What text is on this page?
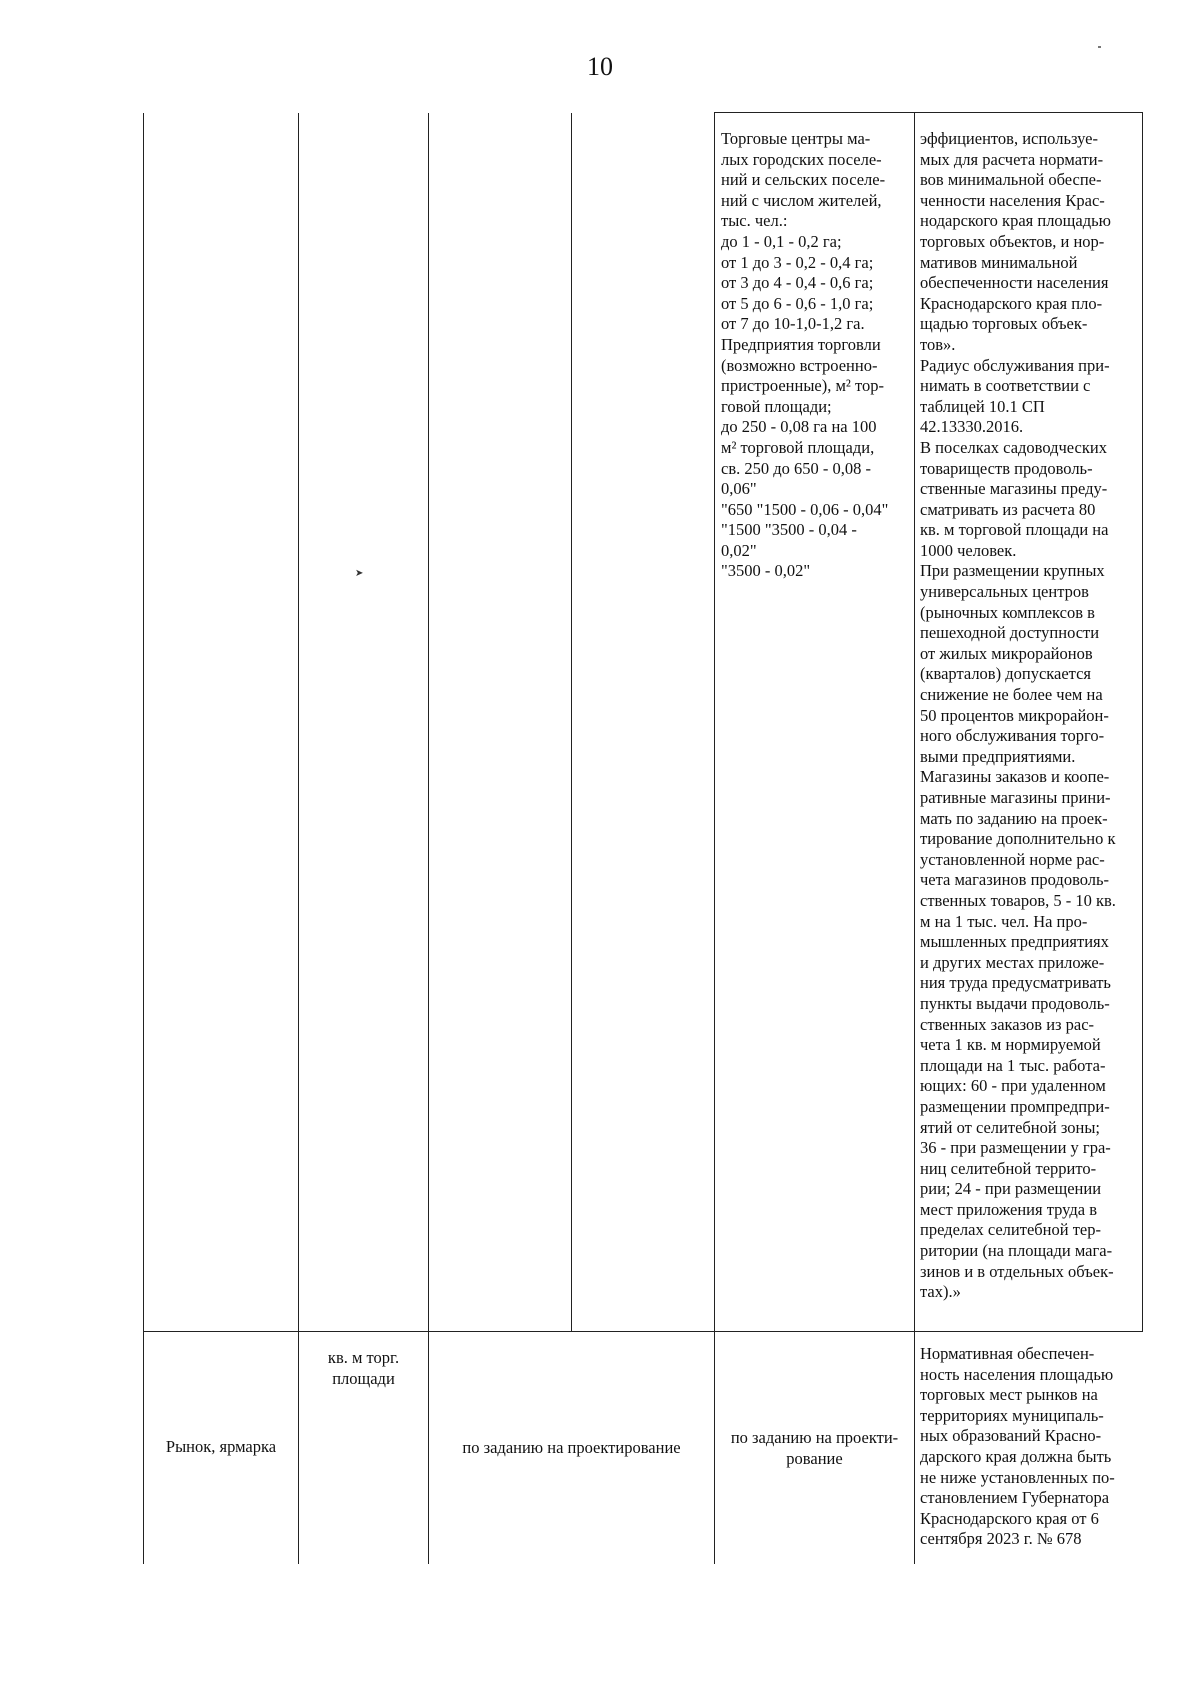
10
➤
Торговые центры ма-
лых городских поселе-
ний и сельских поселе-
ний с числом жителей,
тыс. чел.:
до 1 - 0,1 - 0,2 га;
от 1 до 3 - 0,2 - 0,4 га;
от 3 до 4 - 0,4 - 0,6 га;
от 5 до 6 - 0,6 - 1,0 га;
от 7 до 10-1,0-1,2 га.
Предприятия торговли
(возможно встроенно-
пристроенные), м² тор-
говой площади;
до 250 - 0,08 га на 100
м² торговой площади,
св. 250 до 650 - 0,08 -
0,06"
"650 "1500 - 0,06 - 0,04"
"1500 "3500 - 0,04 -
0,02"
"3500 - 0,02"
эффициентов, используе-
мых для расчета нормати-
вов минимальной обеспе-
ченности населения Крас-
нодарского края площадью
торговых объектов, и нор-
мативов минимальной
обеспеченности населения
Краснодарского края пло-
щадью торговых объек-
тов».
Радиус обслуживания при-
нимать в соответствии с
таблицей 10.1 СП
42.13330.2016.
В поселках садоводческих
товариществ продоволь-
ственные магазины преду-
сматривать из расчета 80
кв. м торговой площади на
1000 человек.
При размещении крупных
универсальных центров
(рыночных комплексов в
пешеходной доступности
от жилых микрорайонов
(кварталов) допускается
снижение не более чем на
50 процентов микрорайон-
ного обслуживания торго-
выми предприятиями.
Магазины заказов и коопе-
ративные магазины прини-
мать по заданию на проек-
тирование дополнительно к
установленной норме рас-
чета магазинов продоволь-
ственных товаров, 5 - 10 кв.
м на 1 тыс. чел. На про-
мышленных предприятиях
и других местах приложе-
ния труда предусматривать
пункты выдачи продоволь-
ственных заказов из рас-
чета 1 кв. м нормируемой
площади на 1 тыс. работа-
ющих: 60 - при удаленном
размещении промпредпри-
ятий от селитебной зоны;
36 - при размещении у гра-
ниц селитебной террито-
рии; 24 - при размещении
мест приложения труда в
пределах селитебной тер-
ритории (на площади мага-
зинов и в отдельных объек-
тах).»
Рынок, ярмарка
кв. м торг.
площади
по заданию на проектирование
по заданию на проекти-
рование
Нормативная обеспечен-
ность населения площадью
торговых мест рынков на
территориях муниципаль-
ных образований Красно-
дарского края должна быть
не ниже установленных по-
становлением Губернатора
Краснодарского края от 6
сентября 2023 г. № 678
